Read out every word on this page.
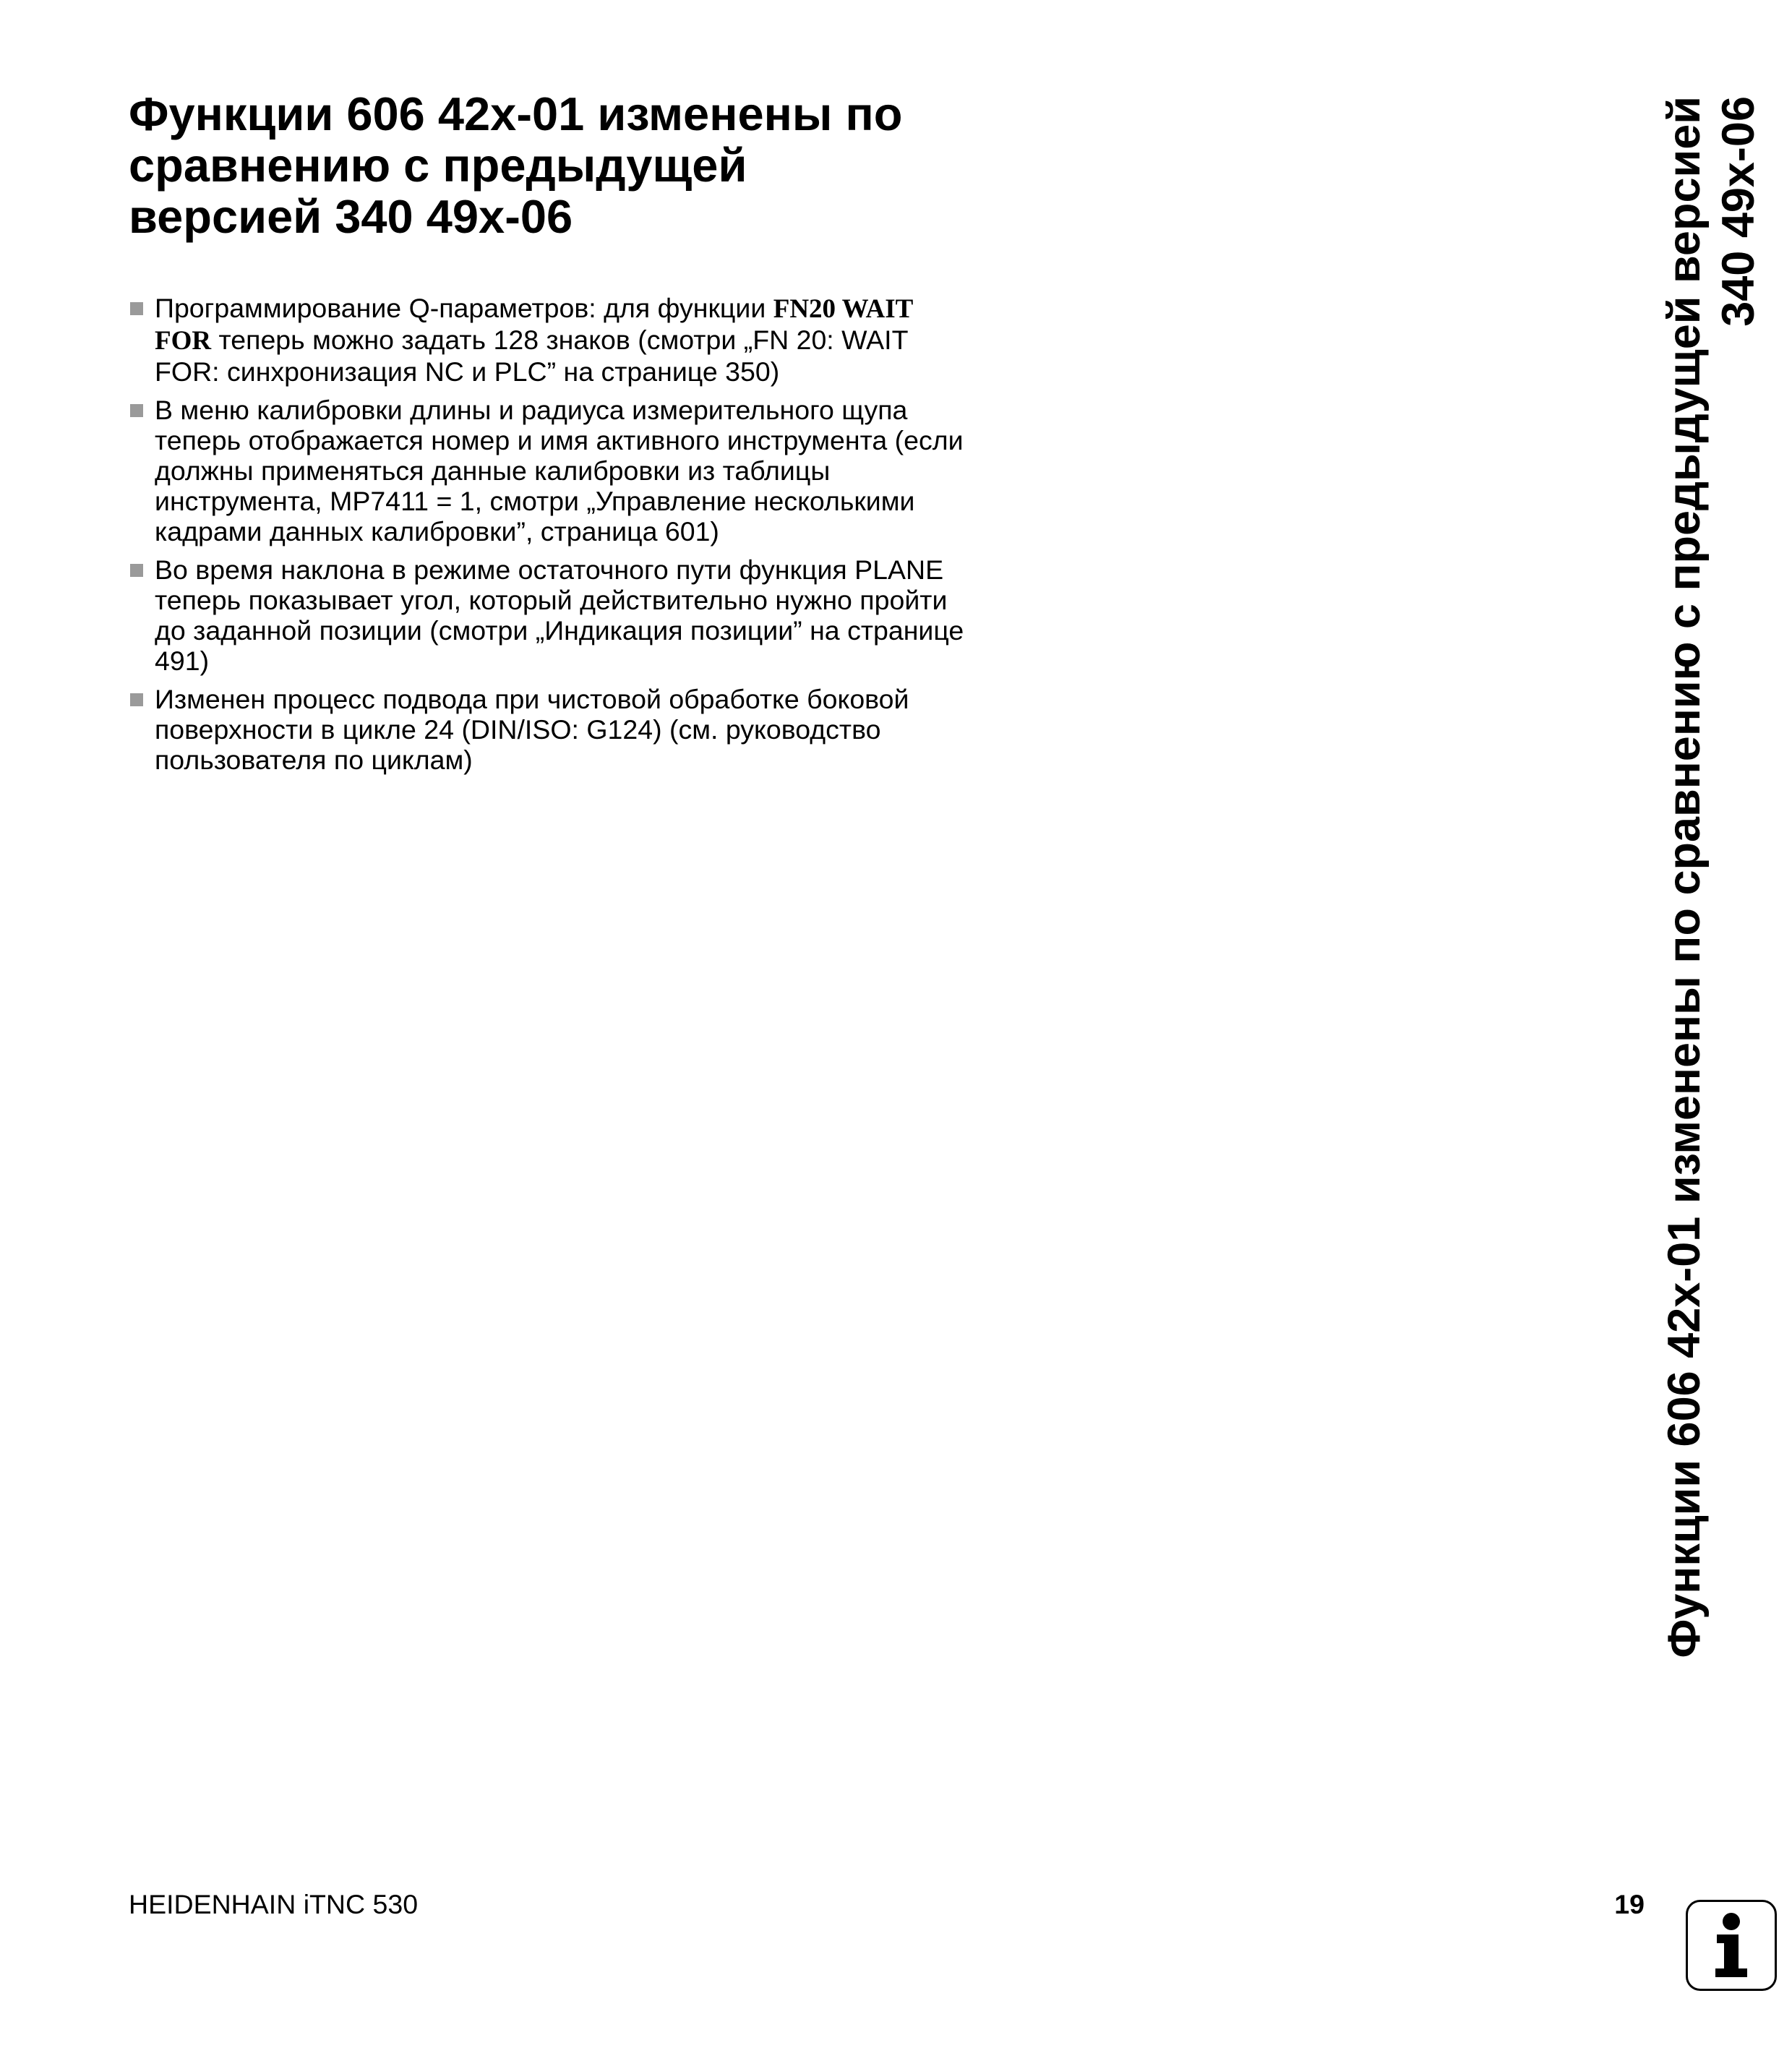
Функции 606 42x-01 изменены по
сравнению с предыдущей
версией 340 49x-06
Программирование Q-параметров: для функции FN20 WAIT FOR теперь можно задать 128 знаков (смотри „FN 20: WAIT FOR: синхронизация NC и PLC” на странице 350)
В меню калибровки длины и радиуса измерительного щупа теперь отображается номер и имя активного инструмента (если должны применяться данные калибровки из таблицы инструмента, MP7411 = 1, смотри „Управление несколькими кадрами данных калибровки”, страница 601)
Во время наклона в режиме остаточного пути функция PLANE теперь показывает угол, который действительно нужно пройти до заданной позиции (смотри „Индикация позиции” на странице 491)
Изменен процесс подвода при чистовой обработке боковой поверхности в цикле 24 (DIN/ISO: G124) (см. руководство пользователя по циклам)	Функции 606 42x-01 изменены по сравнению с предыдущей версией 340 49x-06
HEIDENHAIN iTNC 530	19
